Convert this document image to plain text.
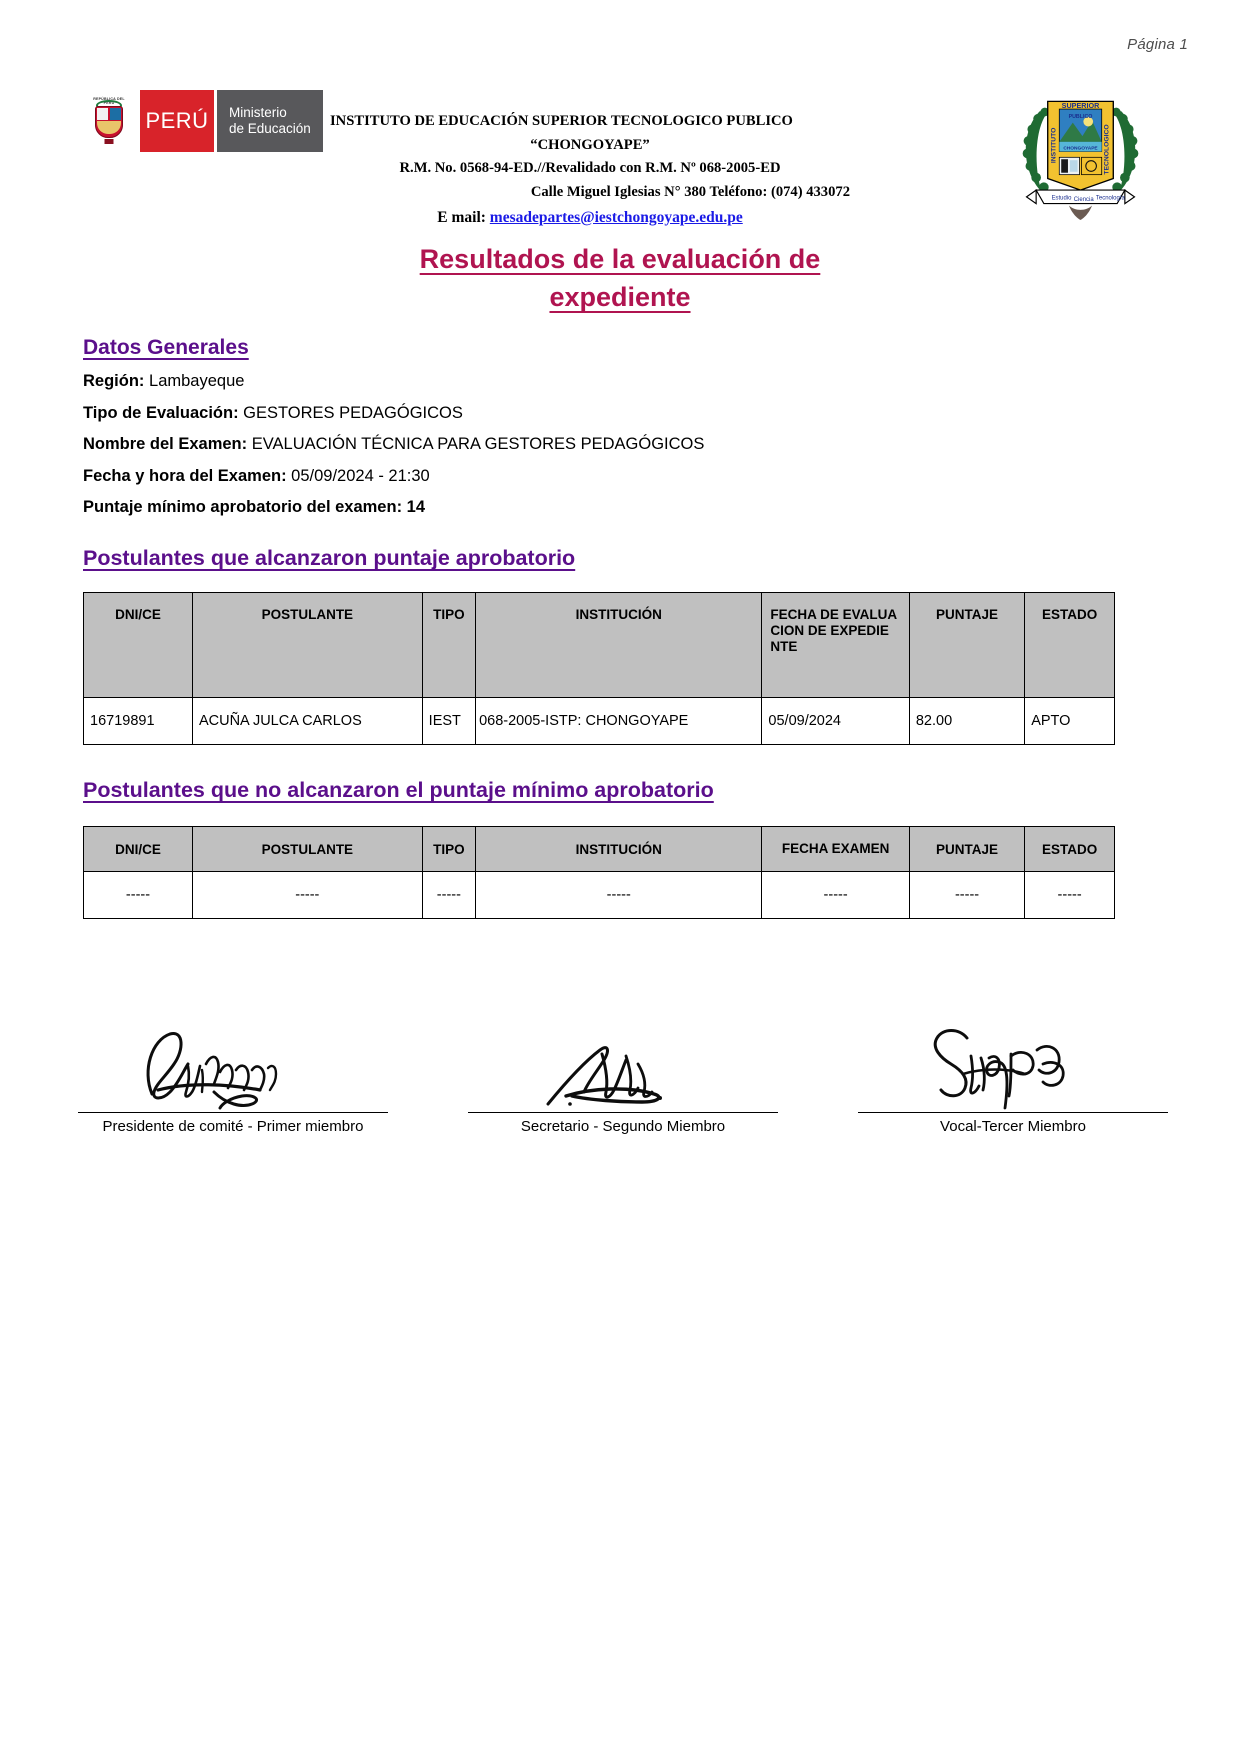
Página 1
REPÚBLICA DEL PERÚ
PERÚ	Ministerio
de Educación	INSTITUTO DE EDUCACIÓN SUPERIOR TECNOLOGICO PUBLICO
“CHONGOYAPE”
R.M. No. 0568-94-ED.//Revalidado con R.M. Nº 068-2005-ED
Calle Miguel Iglesias N° 380 Teléfono: (074) 433072
E mail: mesadepartes@iestchongoyape.edu.pe
INSTITUTO	TECNOLOGICO
SUPERIOR
PUBLICO
CHONGOYAPE
Estudio Ciencia Tecnología
Resultados de la evaluación de
expediente
Datos Generales
Región: Lambayeque
Tipo de Evaluación: GESTORES PEDAGÓGICOS
Nombre del Examen: EVALUACIÓN TÉCNICA PARA GESTORES PEDAGÓGICOS
Fecha y hora del Examen: 05/09/2024 - 21:30
Puntaje mínimo aprobatorio del examen: 14
Postulantes que alcanzaron puntaje aprobatorio
DNI/CE	POSTULANTE	TIPO	INSTITUCIÓN	FECHA DE EVALUA CION DE EXPEDIE NTE	PUNTAJE	ESTADO
16719891	ACUÑA JULCA CARLOS	IEST	068-2005-ISTP: CHONGOYAPE	05/09/2024	82.00	APTO
Postulantes que no alcanzaron el puntaje mínimo aprobatorio
DNI/CE	POSTULANTE	TIPO	INSTITUCIÓN	FECHA EXAMEN	PUNTAJE	ESTADO
-----	-----	-----	-----	-----	-----	-----
Presidente de comité - Primer miembro	Secretario - Segundo Miembro	Vocal-Tercer Miembro
